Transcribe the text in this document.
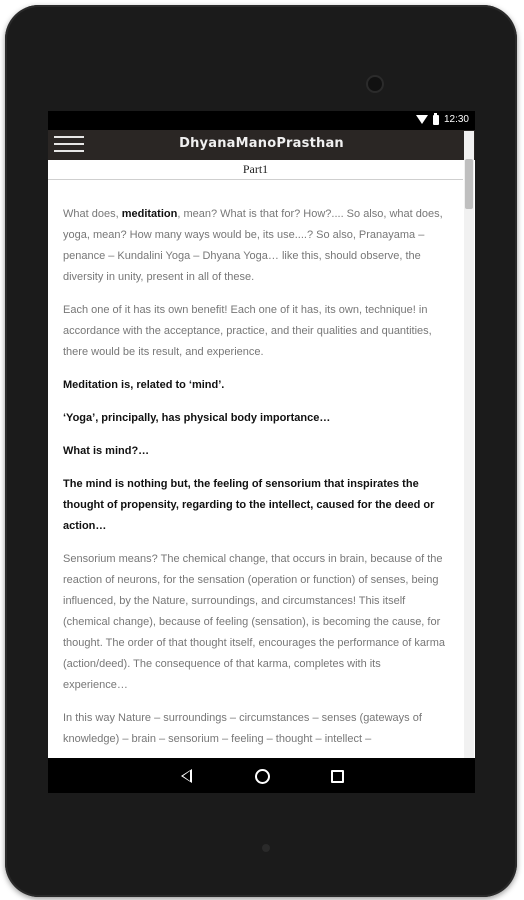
12:30
DhyanaManoPrasthan
Part1

What does, meditation, mean? What is that for? How?.... So also, what does, yoga, mean? How many ways would be, its use....? So also, Pranayama – penance – Kundalini Yoga – Dhyana Yoga… like this, should observe, the diversity in unity, present in all of these.

Each one of it has its own benefit! Each one of it has, its own, technique! in accordance with the acceptance, practice, and their qualities and quantities, there would be its result, and experience.

Meditation is, related to ‘mind’.

‘Yoga’, principally, has physical body importance…

What is mind?…

The mind is nothing but, the feeling of sensorium that inspirates the thought of propensity, regarding to the intellect, caused for the deed or action…

Sensorium means? The chemical change, that occurs in brain, because of the reaction of neurons, for the sensation (operation or function) of senses, being influenced, by the Nature, surroundings, and circumstances! This itself (chemical change), because of feeling (sensation), is becoming the cause, for thought. The order of that thought itself, encourages the performance of karma (action/deed). The consequence of that karma, completes with its experience…

In this way Nature – surroundings – circumstances – senses (gateways of knowledge) – brain – sensorium – feeling – thought – intellect –
